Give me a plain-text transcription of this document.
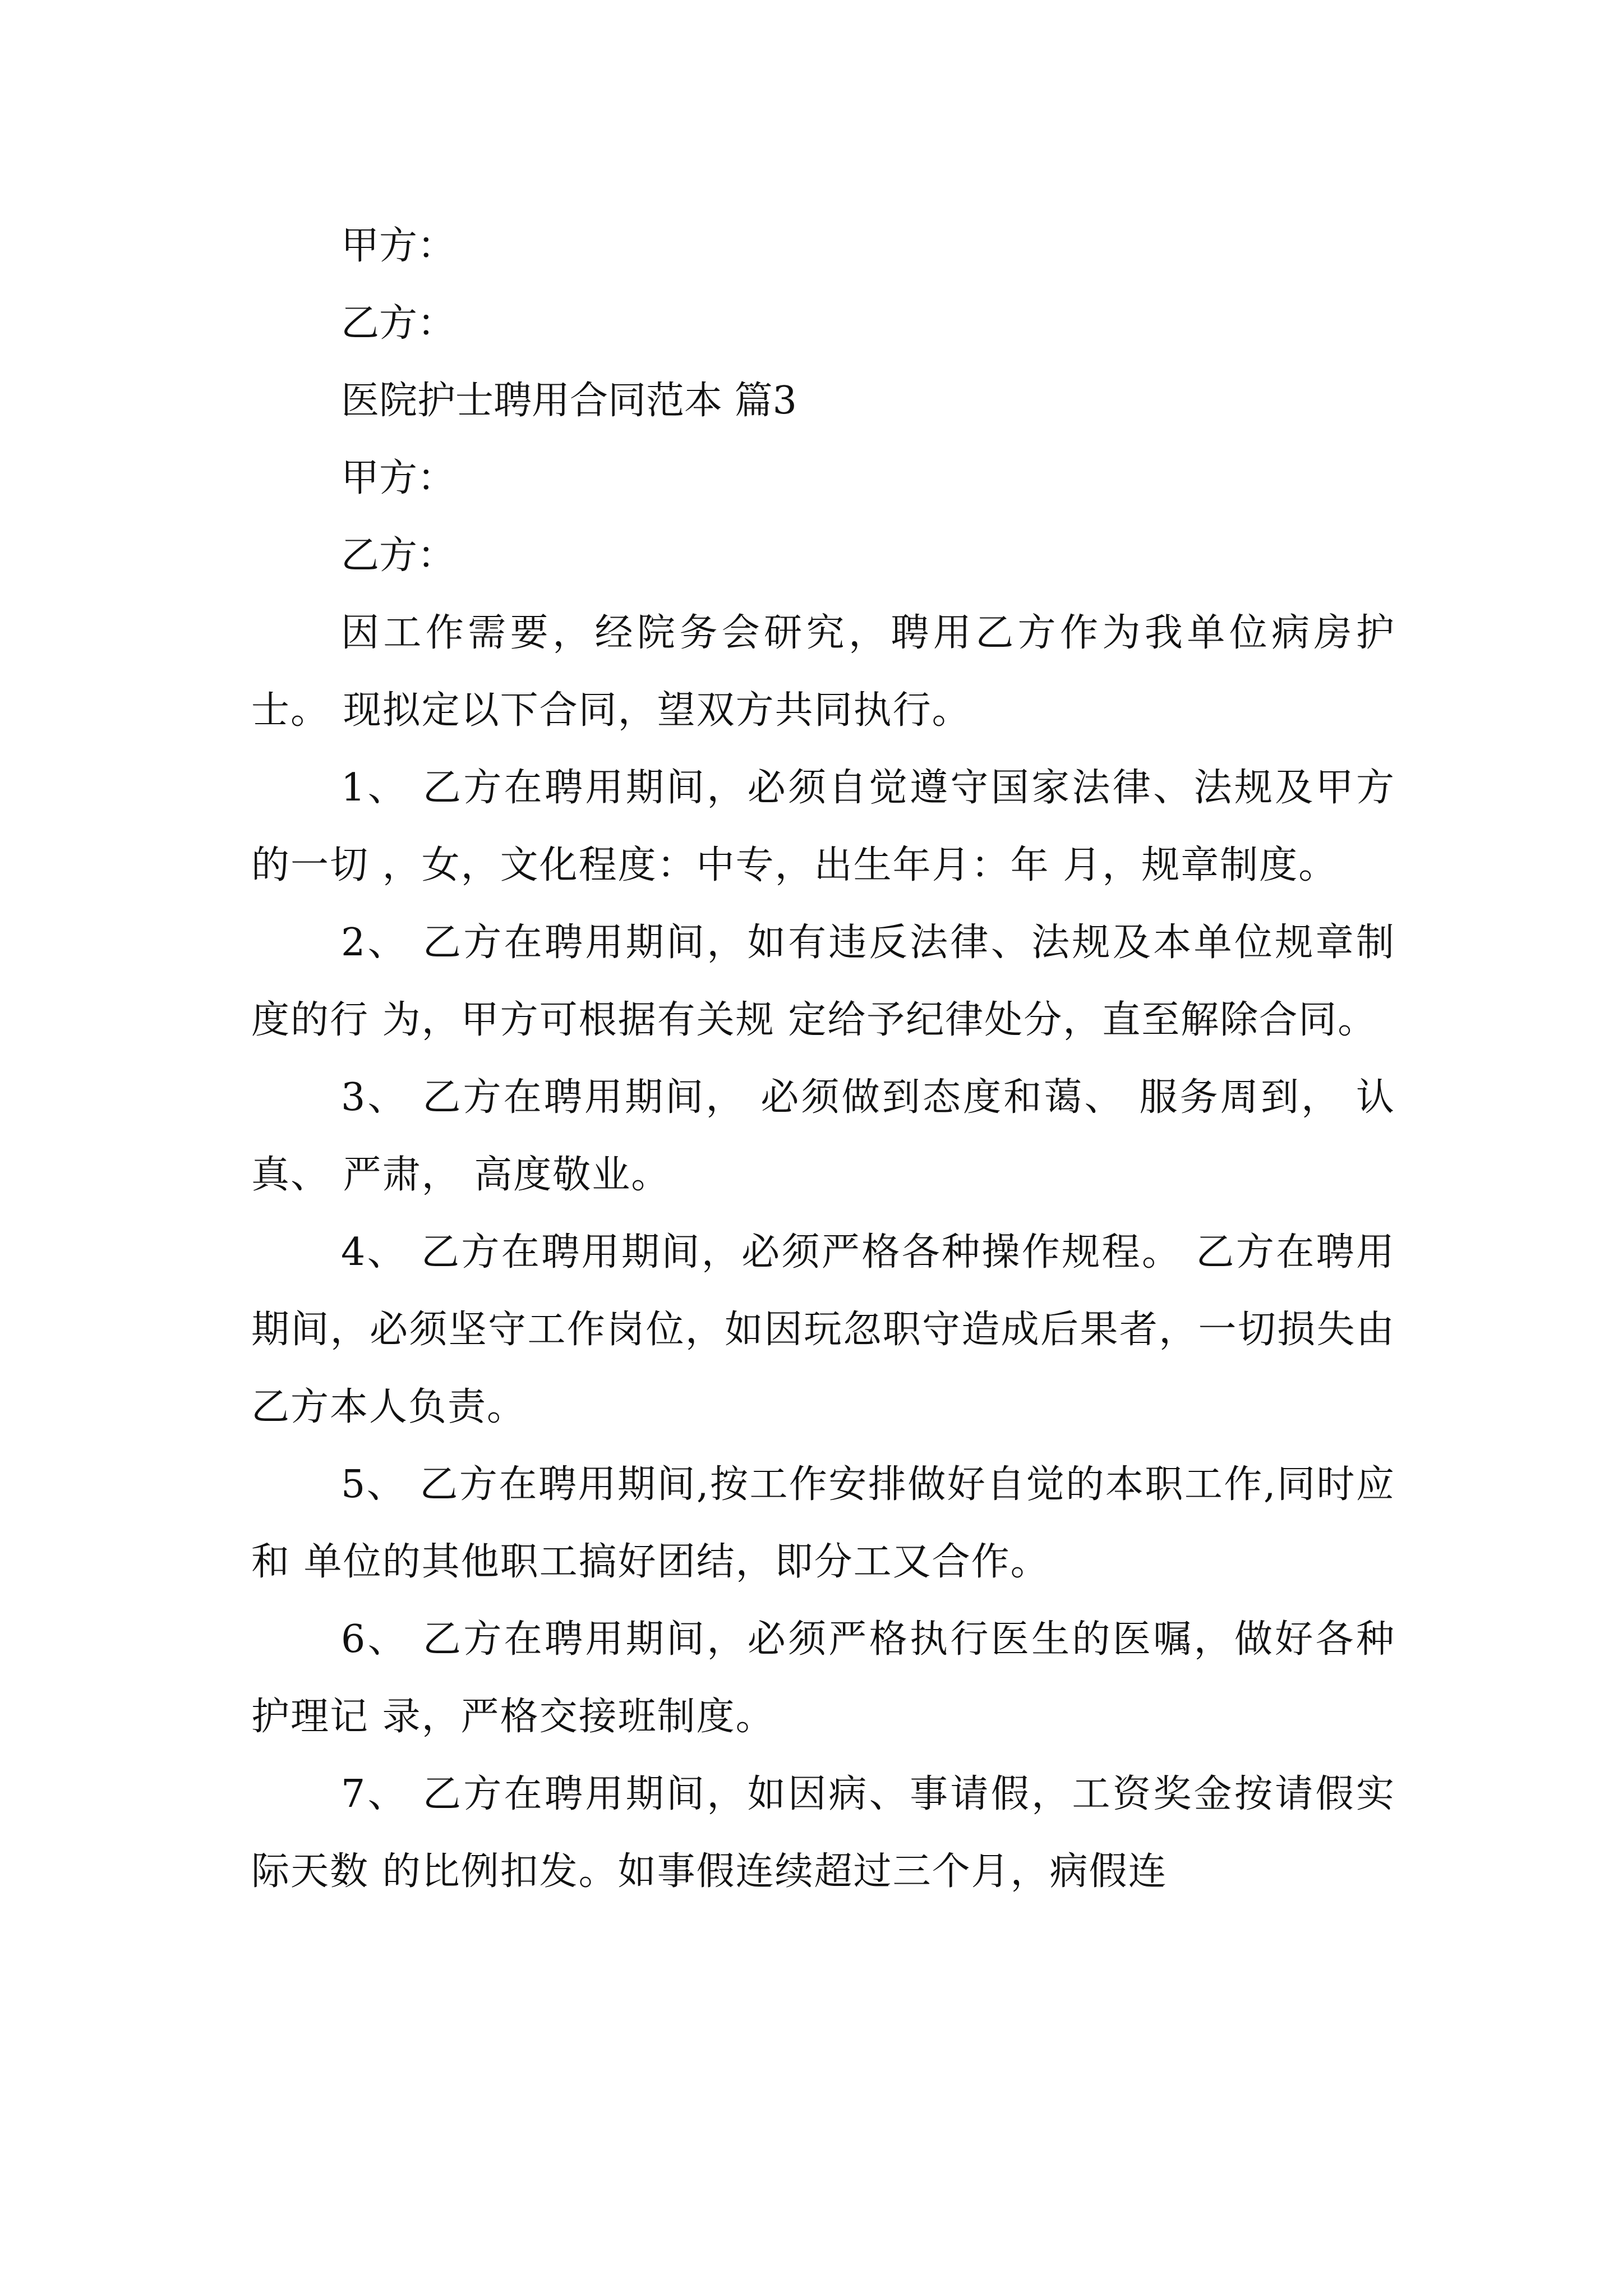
甲方：

乙方：

医院护士聘用合同范本 篇3

甲方：

乙方：

因工作需要，经院务会研究，聘用乙方作为我单位病房护士。 现拟定以下合同，望双方共同执行。

1、 乙方在聘用期间，必须自觉遵守国家法律、法规及甲方的一切 ，女，文化程度：中专，出生年月：年 月，规章制度。

2、 乙方在聘用期间，如有违反法律、法规及本单位规章制度的行 为，甲方可根据有关规 定给予纪律处分，直至解除合同。

3、 乙方在聘用期间， 必须做到态度和蔼、 服务周到， 认真、 严肃， 高度敬业。

4、 乙方在聘用期间，必须严格各种操作规程。 乙方在聘用期间，必须坚守工作岗位，如因玩忽职守造成后果者，一切损失由乙方本人负责。

5、 乙方在聘用期间,按工作安排做好自觉的本职工作,同时应和 单位的其他职工搞好团结，即分工又合作。

6、 乙方在聘用期间，必须严格执行医生的医嘱，做好各种护理记 录，严格交接班制度。

7、 乙方在聘用期间，如因病、事请假，工资奖金按请假实际天数 的比例扣发。如事假连续超过三个月，病假连
